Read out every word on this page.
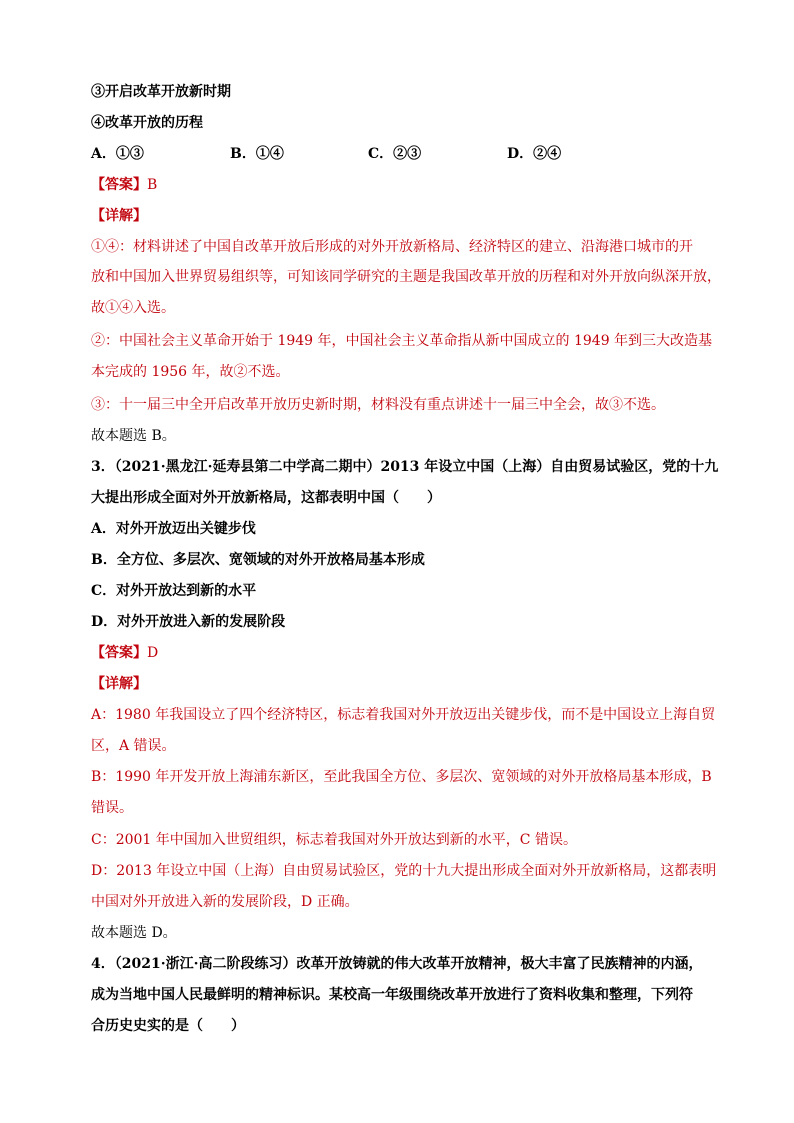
③开启改革开放新时期
④改革开放的历程
A．①③	B．①④	C．②③	D．②④
【答案】B
【详解】
①④：材料讲述了中国自改革开放后形成的对外开放新格局、经济特区的建立、沿海港口城市的开
放和中国加入世界贸易组织等，可知该同学研究的主题是我国改革开放的历程和对外开放向纵深开放，
故①④入选。
②：中国社会主义革命开始于 1949 年，中国社会主义革命指从新中国成立的 1949 年到三大改造基
本完成的 1956 年，故②不选。
③：十一届三中全开启改革开放历史新时期，材料没有重点讲述十一届三中全会，故③不选。
故本题选 B。
3．（2021·黑龙江·延寿县第二中学高二期中）2013 年设立中国（上海）自由贸易试验区，党的十九
大提出形成全面对外开放新格局，这都表明中国（　　）
A．对外开放迈出关键步伐
B．全方位、多层次、宽领域的对外开放格局基本形成
C．对外开放达到新的水平
D．对外开放进入新的发展阶段
【答案】D
【详解】
A：1980 年我国设立了四个经济特区，标志着我国对外开放迈出关键步伐，而不是中国设立上海自贸
区，A 错误。
B：1990 年开发开放上海浦东新区，至此我国全方位、多层次、宽领域的对外开放格局基本形成，B
错误。
C：2001 年中国加入世贸组织，标志着我国对外开放达到新的水平，C 错误。
D：2013 年设立中国（上海）自由贸易试验区，党的十九大提出形成全面对外开放新格局，这都表明
中国对外开放进入新的发展阶段，D 正确。
故本题选 D。
4．（2021·浙江·高二阶段练习）改革开放铸就的伟大改革开放精神，极大丰富了民族精神的内涵，
成为当地中国人民最鲜明的精神标识。某校高一年级围绕改革开放进行了资料收集和整理，下列符
合历史史实的是（　　）
